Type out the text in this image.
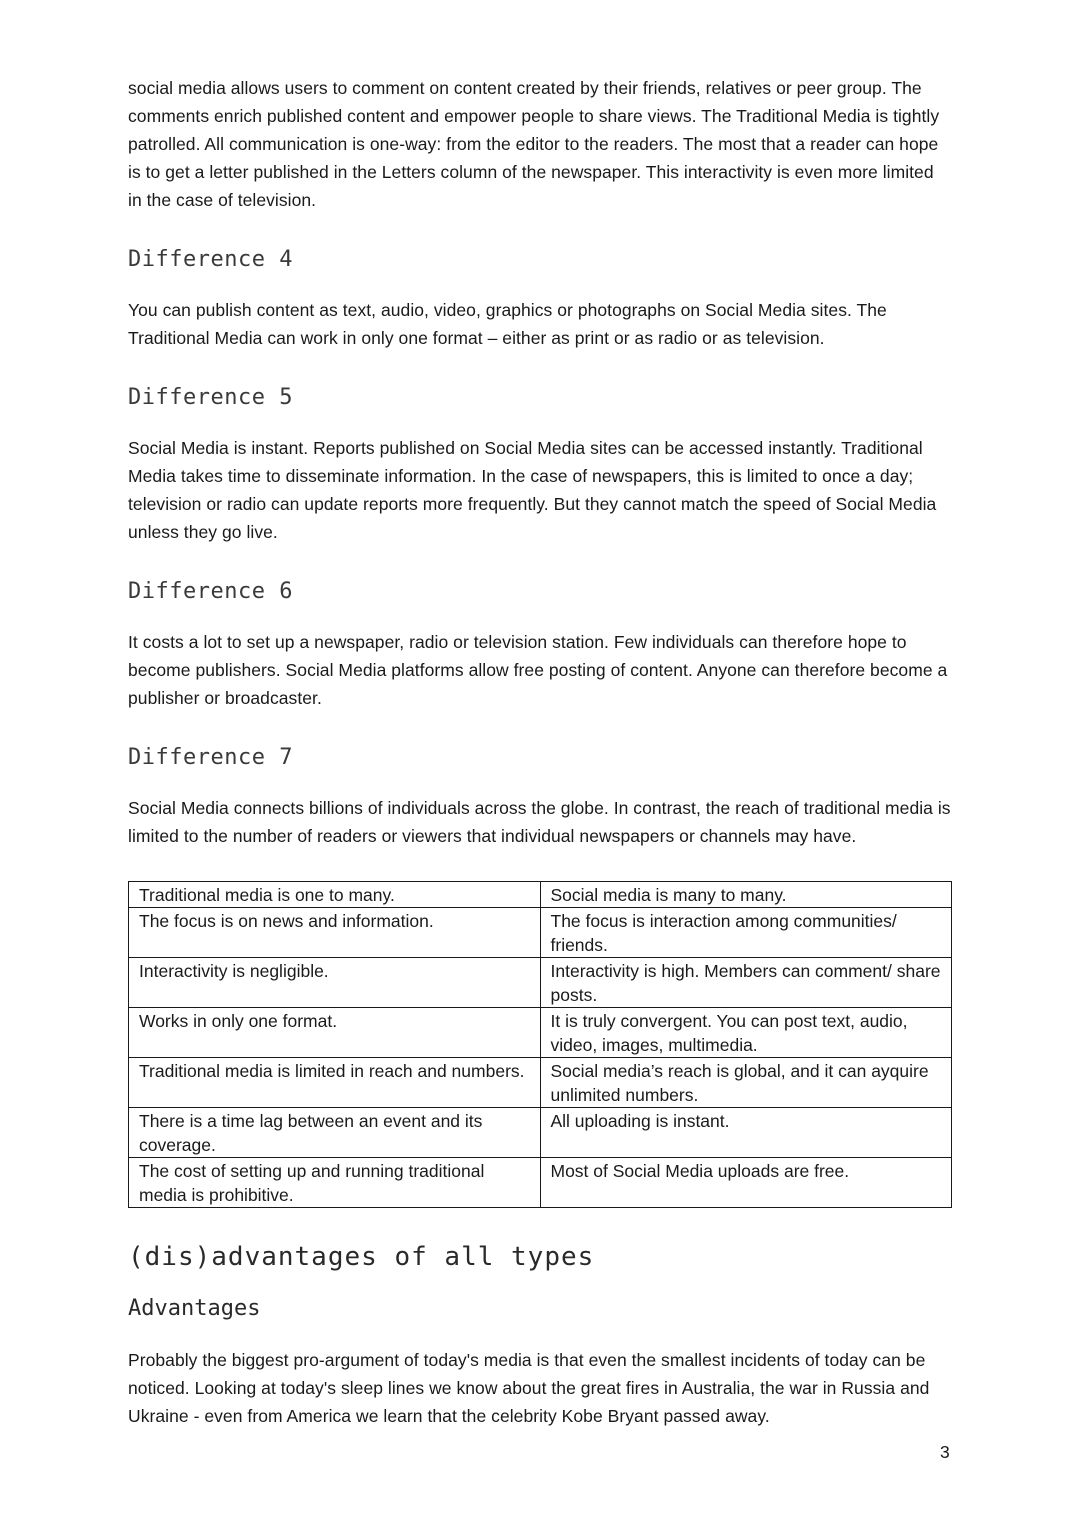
social media allows users to comment on content created by their friends, relatives or peer group. The comments enrich published content and empower people to share views. The Traditional Media is tightly patrolled. All communication is one-way: from the editor to the readers. The most that a reader can hope is to get a letter published in the Letters column of the newspaper. This interactivity is even more limited in the case of television.

Difference 4

You can publish content as text, audio, video, graphics or photographs on Social Media sites. The Traditional Media can work in only one format – either as print or as radio or as television.

Difference 5

Social Media is instant. Reports published on Social Media sites can be accessed instantly. Traditional Media takes time to disseminate information. In the case of newspapers, this is limited to once a day; television or radio can update reports more frequently. But they cannot match the speed of Social Media unless they go live.

Difference 6

It costs a lot to set up a newspaper, radio or television station. Few individuals can therefore hope to become publishers. Social Media platforms allow free posting of content. Anyone can therefore become a publisher or broadcaster.

Difference 7

Social Media connects billions of individuals across the globe. In contrast, the reach of traditional media is limited to the number of readers or viewers that individual newspapers or channels may have.

Traditional media is one to many.	Social media is many to many.
The focus is on news and information.	The focus is interaction among communities/ friends.
Interactivity is negligible.	Interactivity is high. Members can comment/ share posts.
Works in only one format.	It is truly convergent. You can post text, audio, video, images, multimedia.
Traditional media is limited in reach and numbers.	Social media’s reach is global, and it can ayquire unlimited numbers.
There is a time lag between an event and its coverage.	All uploading is instant.
The cost of setting up and running traditional media is prohibitive.	Most of Social Media uploads are free.
(dis)advantages of all types
Advantages

Probably the biggest pro-argument of today's media is that even the smallest incidents of today can be noticed. Looking at today's sleep lines we know about the great fires in Australia, the war in Russia and Ukraine - even from America we learn that the celebrity Kobe Bryant passed away.

3
